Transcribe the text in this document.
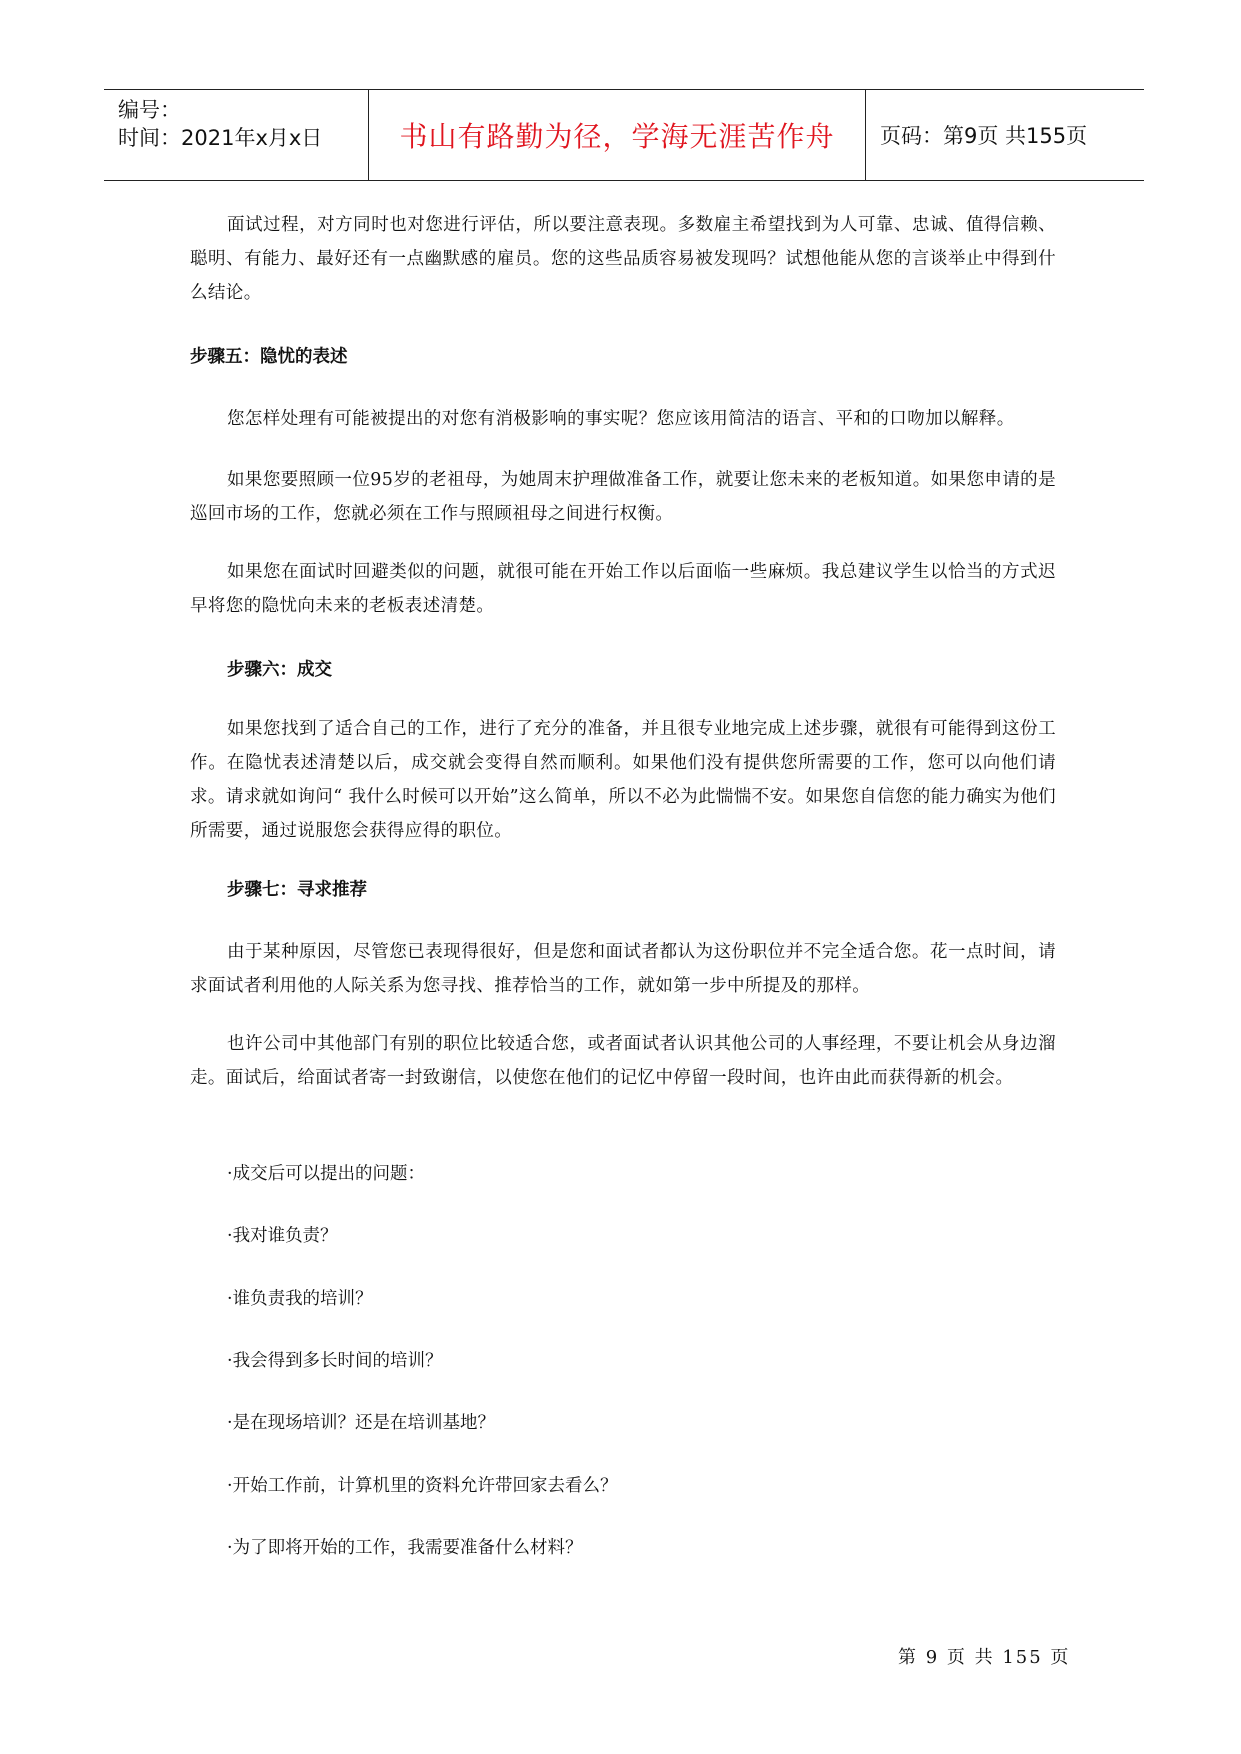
编号：
时间：2021年x月x日	书山有路勤为径，学海无涯苦作舟 页码：第9页 共155页

面试过程，对方同时也对您进行评估，所以要注意表现。多数雇主希望找到为人可靠、忠诚、值得信赖、聪明、有能力、最好还有一点幽默感的雇员。您的这些品质容易被发现吗？试想他能从您的言谈举止中得到什么结论。

步骤五：隐忧的表述

您怎样处理有可能被提出的对您有消极影响的事实呢？您应该用简洁的语言、平和的口吻加以解释。

如果您要照顾一位95岁的老祖母，为她周末护理做准备工作，就要让您未来的老板知道。如果您申请的是巡回市场的工作，您就必须在工作与照顾祖母之间进行权衡。

如果您在面试时回避类似的问题，就很可能在开始工作以后面临一些麻烦。我总建议学生以恰当的方式迟早将您的隐忧向未来的老板表述清楚。

步骤六：成交

如果您找到了适合自己的工作，进行了充分的准备，并且很专业地完成上述步骤，就很有可能得到这份工作。在隐忧表述清楚以后，成交就会变得自然而顺利。如果他们没有提供您所需要的工作，您可以向他们请求。请求就如询问“ 我什么时候可以开始”这么简单，所以不必为此惴惴不安。如果您自信您的能力确实为他们所需要，通过说服您会获得应得的职位。

步骤七：寻求推荐

由于某种原因，尽管您已表现得很好，但是您和面试者都认为这份职位并不完全适合您。花一点时间，请求面试者利用他的人际关系为您寻找、推荐恰当的工作，就如第一步中所提及的那样。

也许公司中其他部门有别的职位比较适合您，或者面试者认识其他公司的人事经理，不要让机会从身边溜走。面试后，给面试者寄一封致谢信，以使您在他们的记忆中停留一段时间，也许由此而获得新的机会。

·成交后可以提出的问题：

·我对谁负责？

·谁负责我的培训？

·我会得到多长时间的培训？

·是在现场培训？还是在培训基地？

·开始工作前，计算机里的资料允许带回家去看么？

·为了即将开始的工作，我需要准备什么材料？

第 9 页 共 155 页
